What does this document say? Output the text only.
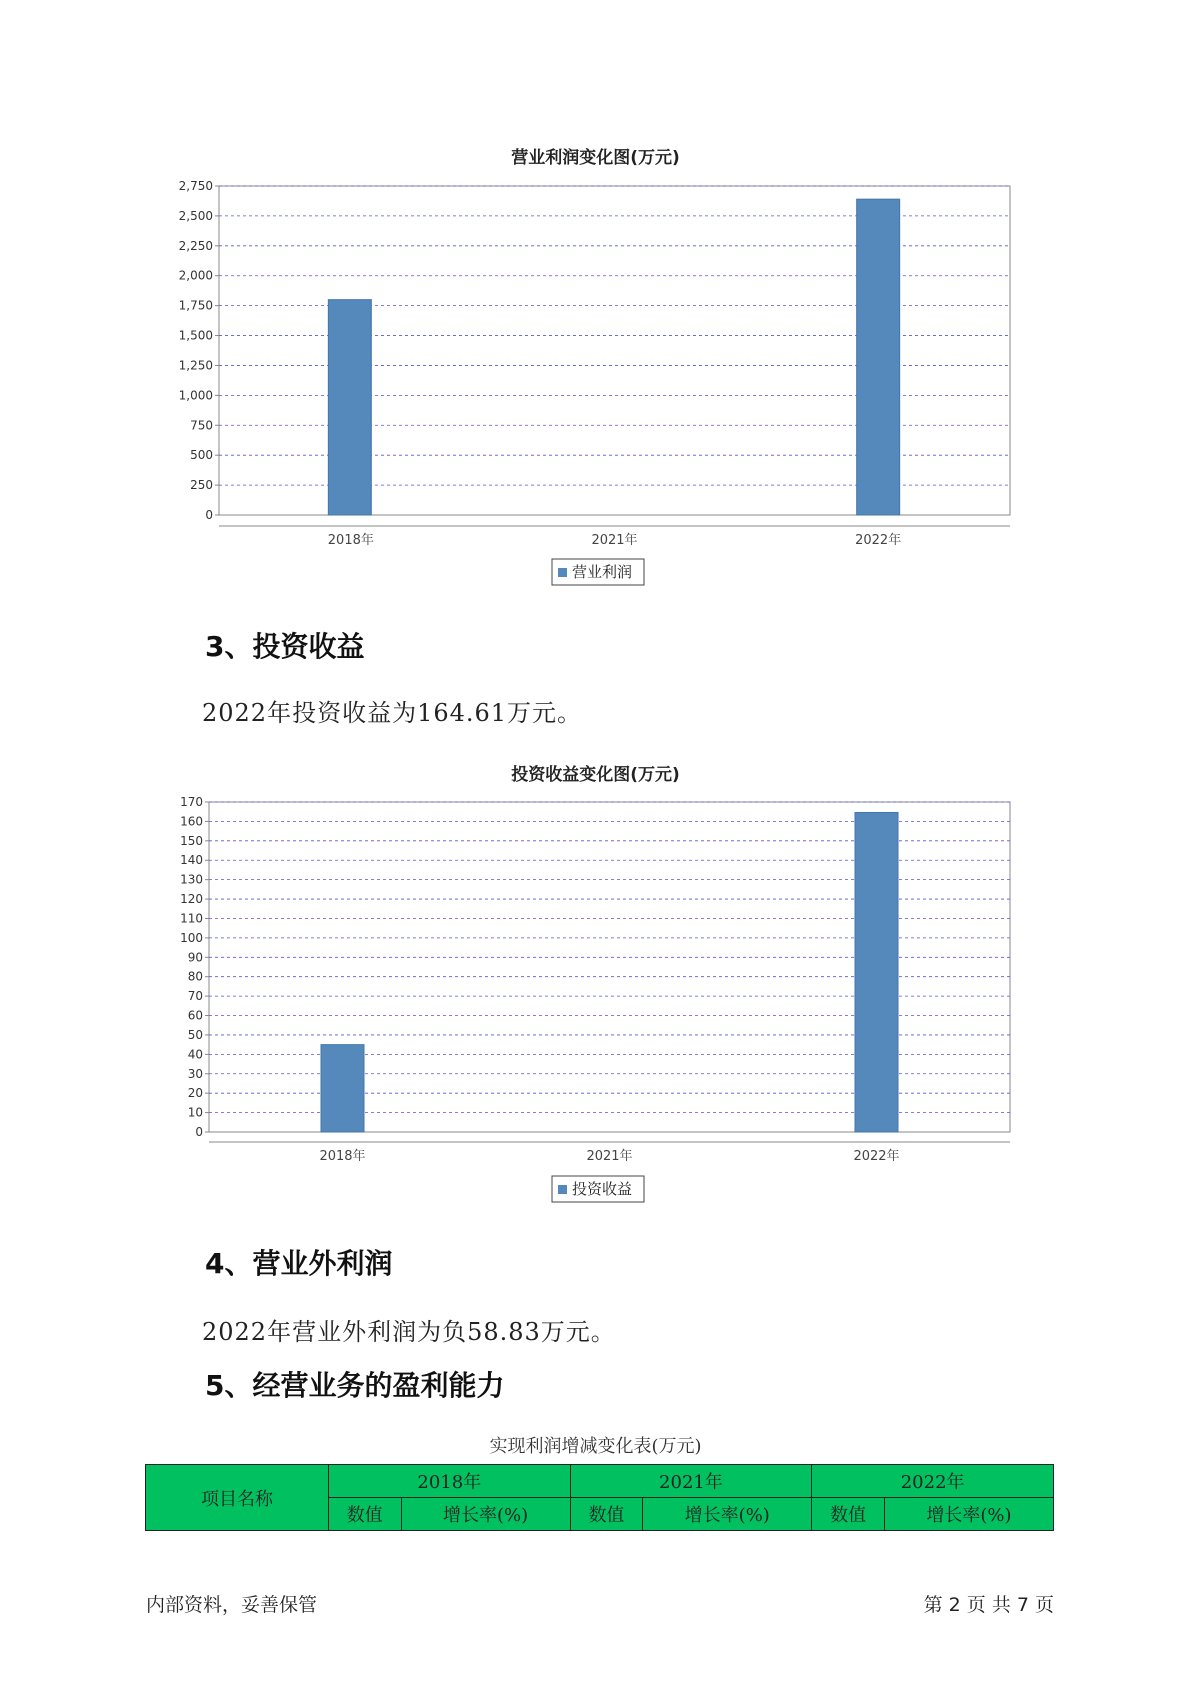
营业利润变化图(万元)
0
250
500
750
1,000
1,250
1,500
1,750
2,000
2,250
2,500
2,750
2018年	2021年	2022年
营业利润
3、投资收益
2022年投资收益为164.61万元。
投资收益变化图(万元)
0
10
20
30
40
50
60
70
80
90
100
110
120
130
140
150
160
170
2018年	2021年	2022年
投资收益
4、营业外利润
2022年营业外利润为负58.83万元。
5、经营业务的盈利能力
实现利润增减变化表(万元)
项目名称	2018年		2021年		2022年	
	数值	增长率(%)	数值	增长率(%)	数值	增长率(%)
内部资料，妥善保管	第 2 页 共 7 页
